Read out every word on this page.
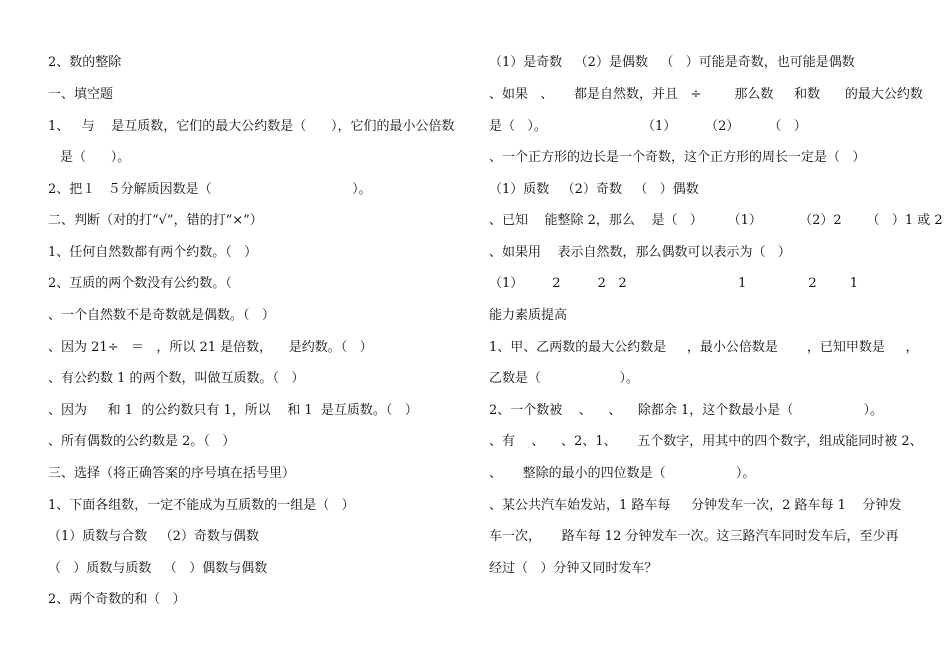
2、数的整除
一、填空题
1、   与    是互质数，它们的最大公约数是（      ），它们的最小公倍数
是（      ）。
2、把１   ５分解质因数是（                                  ）。
二、判断（对的打“√”，错的打“×”）
1、任何自然数都有两个约数。（   ）
2、互质的两个数没有公约数。（
、一个自然数不是奇数就是偶数。（   ）
、因为 21÷   ＝   ，所以 21 是倍数，    是约数。（   ）
、有公约数 1 的两个数，叫做互质数。（   ）
、因为     和 1  的公约数只有 1，所以    和 1  是互质数。（   ）
、所有偶数的公约数是 2。（   ）
三、选择（将正确答案的序号填在括号里）
1、下面各组数，一定不能成为互质数的一组是（   ）
（1）质数与合数   （2）奇数与偶数
（   ）质数与质数   （   ）偶数与偶数
2、两个奇数的和（   ）
（1）是奇数   （2）是偶数   （   ）可能是奇数，也可能是偶数
、如果   、     都是自然数，并且   ÷        那么数     和数      的最大公约数
是（   ）。                       （1）       （2）       （   ）
、一个正方形的边长是一个奇数，这个正方形的周长一定是（   ）
（1）质数   （2）奇数   （   ）偶数
、已知    能整除 2，那么    是（   ）      （1）         （2）2      （   ）1 或 2
、如果用    表示自然数，那么偶数可以表示为（   ）
（1）       2         2   2                           1               2        1
能力素质提高
1、甲、乙两数的最大公约数是     ，最小公倍数是       ，已知甲数是     ，
乙数是（                   ）。
2、一个数被    、    、    除都余 1，这个数最小是（                 ）。
、有    、    、2、1、     五个数字，用其中的四个数字，组成能同时被 2、
、     整除的最小的四位数是（                 ）。
、某公共汽车始发站，1 路车每     分钟发车一次，2 路车每 1    分钟发
车一次，     路车每 12 分钟发车一次。这三路汽车同时发车后，至少再
经过（   ）分钟又同时发车？
